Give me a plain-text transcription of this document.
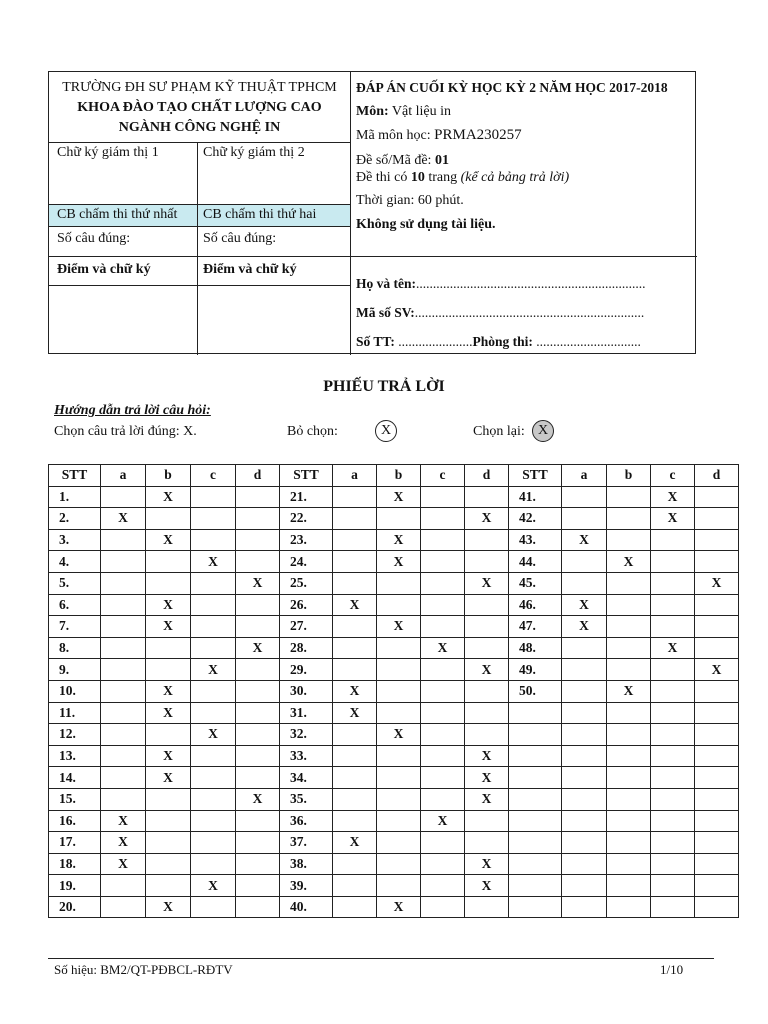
TRƯỜNG ĐH SƯ PHẠM KỸ THUẬT TPHCM
KHOA ĐÀO TẠO CHẤT LƯỢNG CAO
NGÀNH CÔNG NGHỆ IN
Chữ ký giám thị 1	Chữ ký giám thị 2
CB chấm thi thứ nhất CB chấm thi thứ hai
Số câu đúng:	Số câu đúng:
Điểm và chữ ký	Điểm và chữ ký
ĐÁP ÁN CUỐI KỲ HỌC KỲ 2 NĂM HỌC 2017-2018
Môn: Vật liệu in
Mã môn học: PRMA230257
Đề số/Mã đề: 01
Đề thi có 10 trang (kể cả bảng trả lời)
Thời gian: 60 phút.
Không sử dụng tài liệu.
Họ và tên:....................................................................
Mã số SV:....................................................................
Số TT: ......................Phòng thi: ...............................
PHIẾU TRẢ LỜI
Hướng dẫn trả lời câu hỏi:
Chọn câu trả lời đúng: X.	Bỏ chọn:	X	Chọn lại: X
STT	a	b	c	d	STT	a	b	c	d	STT	a	b	c	d
1.		X			21.		X			41.			X	
2.	X				22.				X	42.			X	
3.		X			23.		X			43.	X			
4.			X		24.		X			44.		X		
5.				X	25.				X	45.				X
6.		X			26.	X				46.	X			
7.		X			27.		X			47.	X			
8.				X	28.			X		48.			X	
9.			X		29.				X	49.				X
10.		X			30.	X				50.		X		
11.		X			31.	X								
12.			X		32.		X							
13.		X			33.				X					
14.		X			34.				X					
15.				X	35.				X					
16.	X				36.			X						
17.	X				37.	X								
18.	X				38.				X					
19.			X		39.				X					
20.		X			40.		X							
Số hiệu: BM2/QT-PĐBCL-RĐTV	1/10
